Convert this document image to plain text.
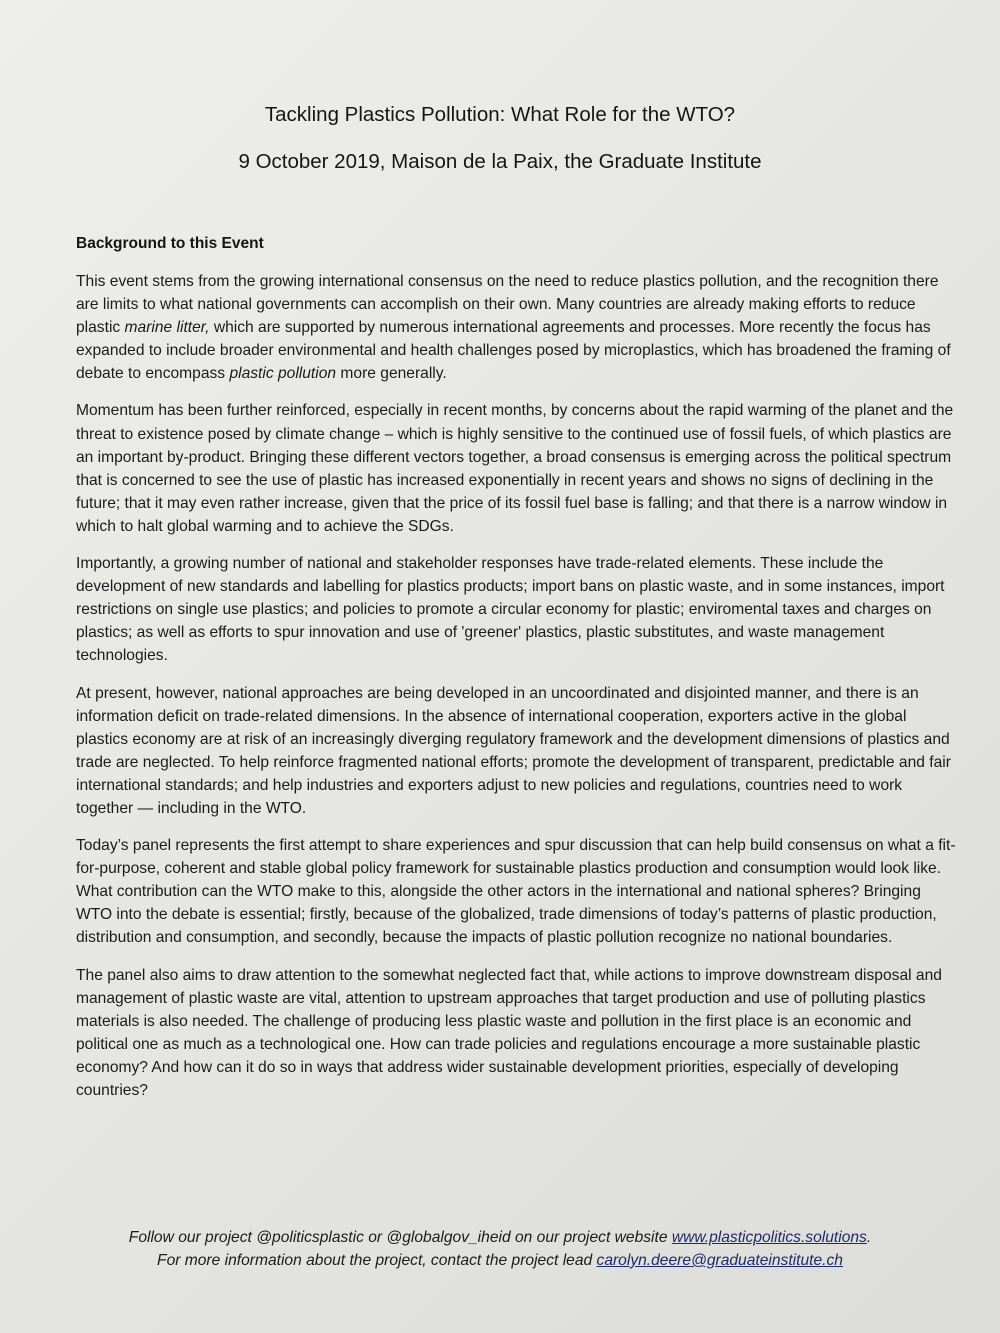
Tackling Plastics Pollution: What Role for the WTO?
9 October 2019, Maison de la Paix, the Graduate Institute
Background to this Event

This event stems from the growing international consensus on the need to reduce plastics pollution, and the recognition there are limits to what national governments can accomplish on their own. Many countries are already making efforts to reduce plastic marine litter, which are supported by numerous international agreements and processes. More recently the focus has expanded to include broader environmental and health challenges posed by microplastics, which has broadened the framing of debate to encompass plastic pollution more generally.

Momentum has been further reinforced, especially in recent months, by concerns about the rapid warming of the planet and the threat to existence posed by climate change – which is highly sensitive to the continued use of fossil fuels, of which plastics are an important by-product. Bringing these different vectors together, a broad consensus is emerging across the political spectrum that is concerned to see the use of plastic has increased exponentially in recent years and shows no signs of declining in the future; that it may even rather increase, given that the price of its fossil fuel base is falling; and that there is a narrow window in which to halt global warming and to achieve the SDGs.

Importantly, a growing number of national and stakeholder responses have trade-related elements. These include the development of new standards and labelling for plastics products; import bans on plastic waste, and in some instances, import restrictions on single use plastics; and policies to promote a circular economy for plastic; enviromental taxes and charges on plastics; as well as efforts to spur innovation and use of 'greener' plastics, plastic substitutes, and waste management technologies.

At present, however, national approaches are being developed in an uncoordinated and disjointed manner, and there is an information deficit on trade-related dimensions. In the absence of international cooperation, exporters active in the global plastics economy are at risk of an increasingly diverging regulatory framework and the development dimensions of plastics and trade are neglected. To help reinforce fragmented national efforts; promote the development of transparent, predictable and fair international standards; and help industries and exporters adjust to new policies and regulations, countries need to work together — including in the WTO.

Today’s panel represents the first attempt to share experiences and spur discussion that can help build consensus on what a fit-for-purpose, coherent and stable global policy framework for sustainable plastics production and consumption would look like. What contribution can the WTO make to this, alongside the other actors in the international and national spheres? Bringing WTO into the debate is essential; firstly, because of the globalized, trade dimensions of today’s patterns of plastic production, distribution and consumption, and secondly, because the impacts of plastic pollution recognize no national boundaries.

The panel also aims to draw attention to the somewhat neglected fact that, while actions to improve downstream disposal and management of plastic waste are vital, attention to upstream approaches that target production and use of polluting plastics materials is also needed. The challenge of producing less plastic waste and pollution in the first place is an economic and political one as much as a technological one. How can trade policies and regulations encourage a more sustainable plastic economy? And how can it do so in ways that address wider sustainable development priorities, especially of developing countries?

Follow our project @politicsplastic or @globalgov_iheid on our project website www.plasticpolitics.solutions.
For more information about the project, contact the project lead carolyn.deere@graduateinstitute.ch
